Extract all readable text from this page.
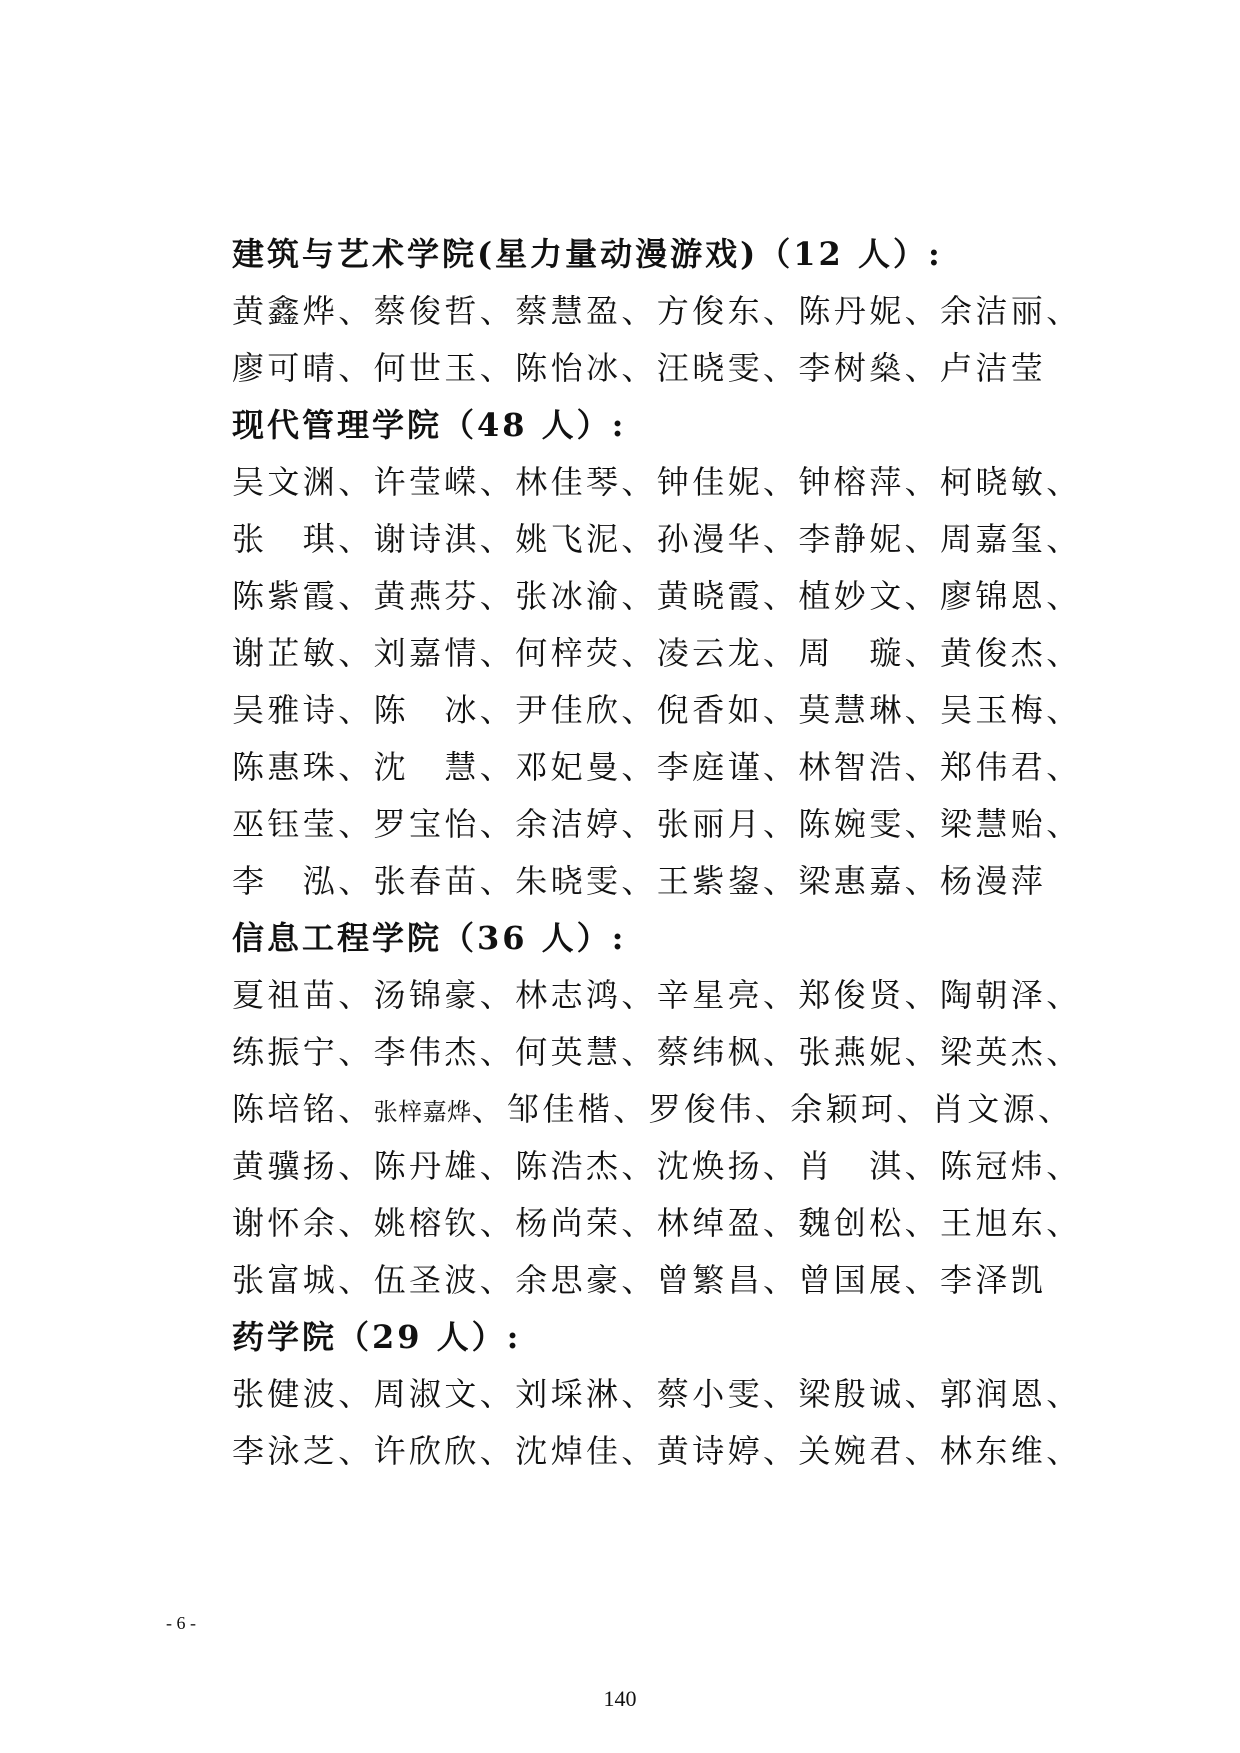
建筑与艺术学院(星力量动漫游戏)（12 人）:
黄鑫烨、蔡俊哲、蔡慧盈、方俊东、陈丹妮、余洁丽、
廖可晴、何世玉、陈怡冰、汪晓雯、李树燊、卢洁莹
现代管理学院（48 人）:
吴文渊、许莹嵘、林佳琴、钟佳妮、钟榕萍、柯晓敏、
张　琪、谢诗淇、姚飞泥、孙漫华、李静妮、周嘉玺、
陈紫霞、黄燕芬、张冰渝、黄晓霞、植妙文、廖锦恩、
谢芷敏、刘嘉情、何梓荧、凌云龙、周　璇、黄俊杰、
吴雅诗、陈　冰、尹佳欣、倪香如、莫慧琳、吴玉梅、
陈惠珠、沈　慧、邓妃曼、李庭谨、林智浩、郑伟君、
巫钰莹、罗宝怡、余洁婷、张丽月、陈婉雯、梁慧贻、
李　泓、张春苗、朱晓雯、王紫鋆、梁惠嘉、杨漫萍
信息工程学院（36 人）:
夏祖苗、汤锦豪、林志鸿、辛星亮、郑俊贤、陶朝泽、
练振宁、李伟杰、何英慧、蔡纬枫、张燕妮、梁英杰、
陈培铭、张梓嘉烨、邹佳楷、罗俊伟、余颖珂、肖文源、
黄骥扬、陈丹雄、陈浩杰、沈焕扬、肖　淇、陈冠炜、
谢怀余、姚榕钦、杨尚荣、林绰盈、魏创松、王旭东、
张富城、伍圣波、余思豪、曾繁昌、曾国展、李泽凯
药学院（29 人）:
张健波、周淑文、刘埰淋、蔡小雯、梁殷诚、郭润恩、
李泳芝、许欣欣、沈焯佳、黄诗婷、关婉君、林东维、
- 6 -
140
